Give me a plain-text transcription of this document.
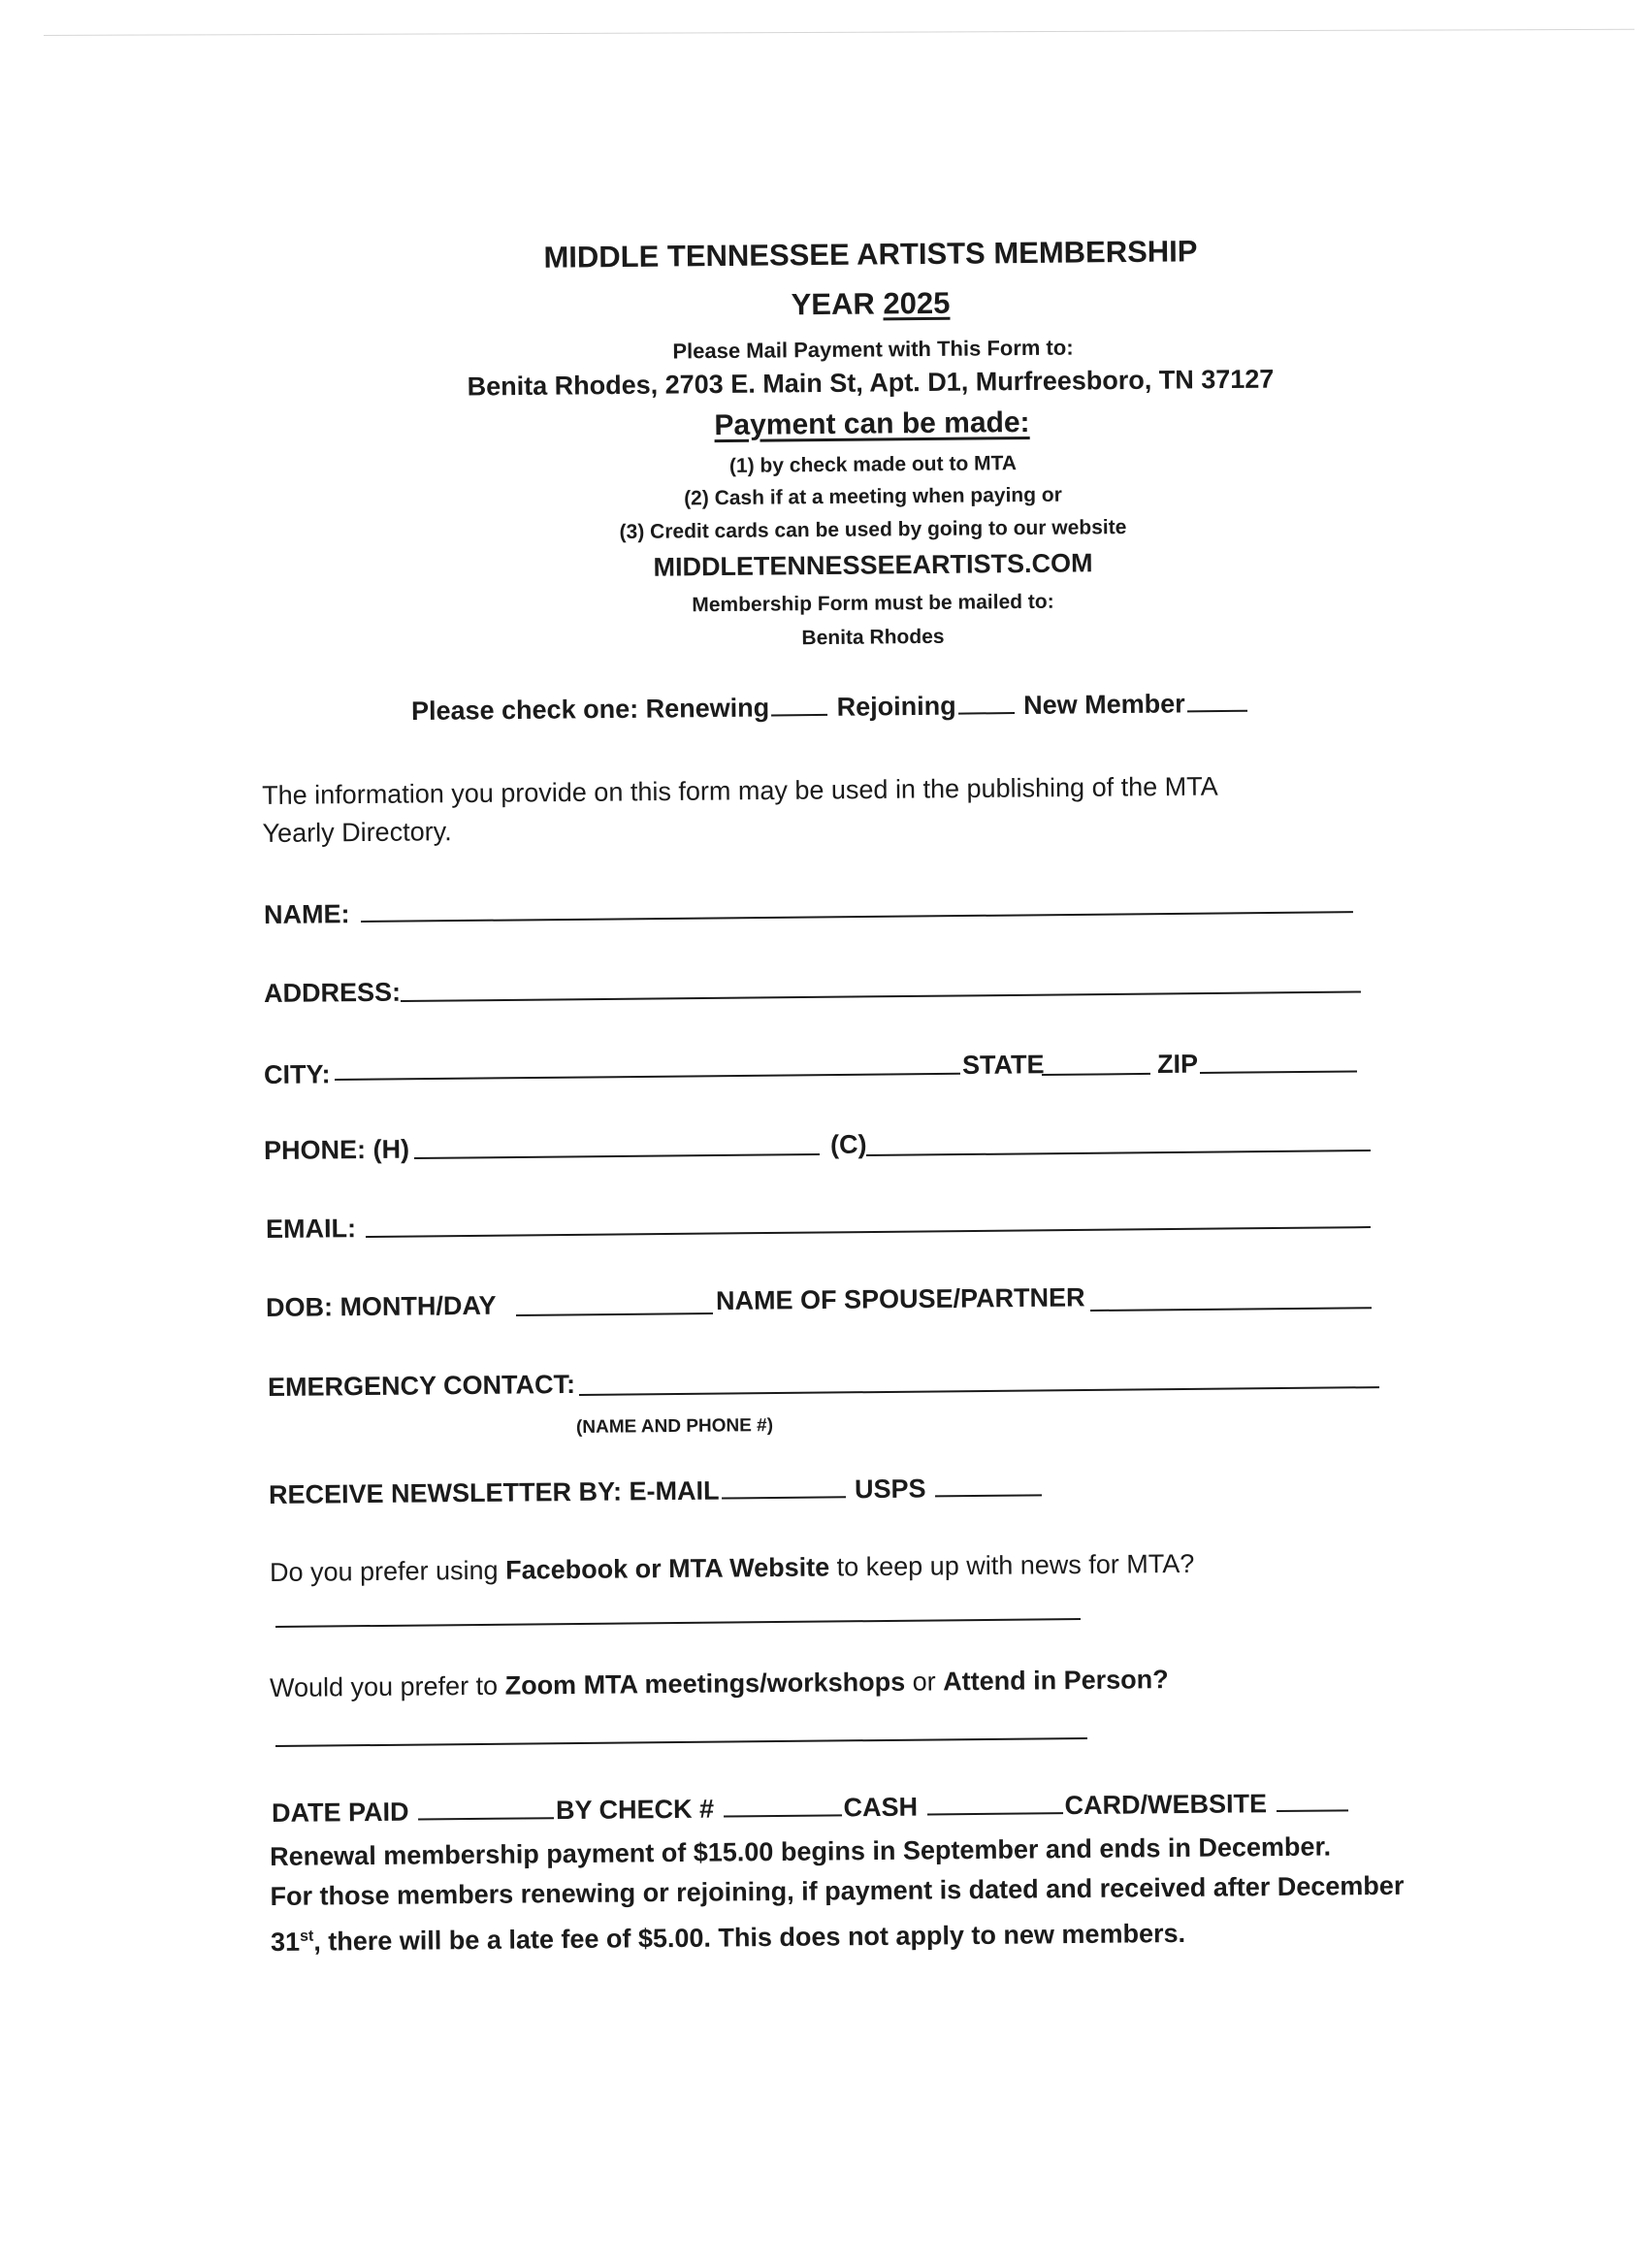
MIDDLE TENNESSEE ARTISTS MEMBERSHIP
YEAR 2025
Please Mail Payment with This Form to:
Benita Rhodes, 2703 E. Main St, Apt. D1, Murfreesboro, TN 37127
Payment can be made:
(1) by check made out to MTA
(2) Cash if at a meeting when paying or
(3) Credit cards can be used by going to our website
MIDDLETENNESSEEARTISTS.COM
Membership Form must be mailed to:
Benita Rhodes
Please check one: Renewing	Rejoining	New Member
The information you provide on this form may be used in the publishing of the MTA
Yearly Directory.
NAME:
ADDRESS:
CITY:	STATE	ZIP
PHONE: (H)	(C)
EMAIL:
DOB: MONTH/DAY	NAME OF SPOUSE/PARTNER
EMERGENCY CONTACT:
(NAME AND PHONE #)
RECEIVE NEWSLETTER BY: E-MAIL	USPS
Do you prefer using Facebook or MTA Website to keep up with news for MTA?
Would you prefer to Zoom MTA meetings/workshops or Attend in Person?
DATE PAID	BY CHECK #	CASH	CARD/WEBSITE
Renewal membership payment of $15.00 begins in September and ends in December.
For those members renewing or rejoining, if payment is dated and received after December
31st, there will be a late fee of $5.00. This does not apply to new members.
